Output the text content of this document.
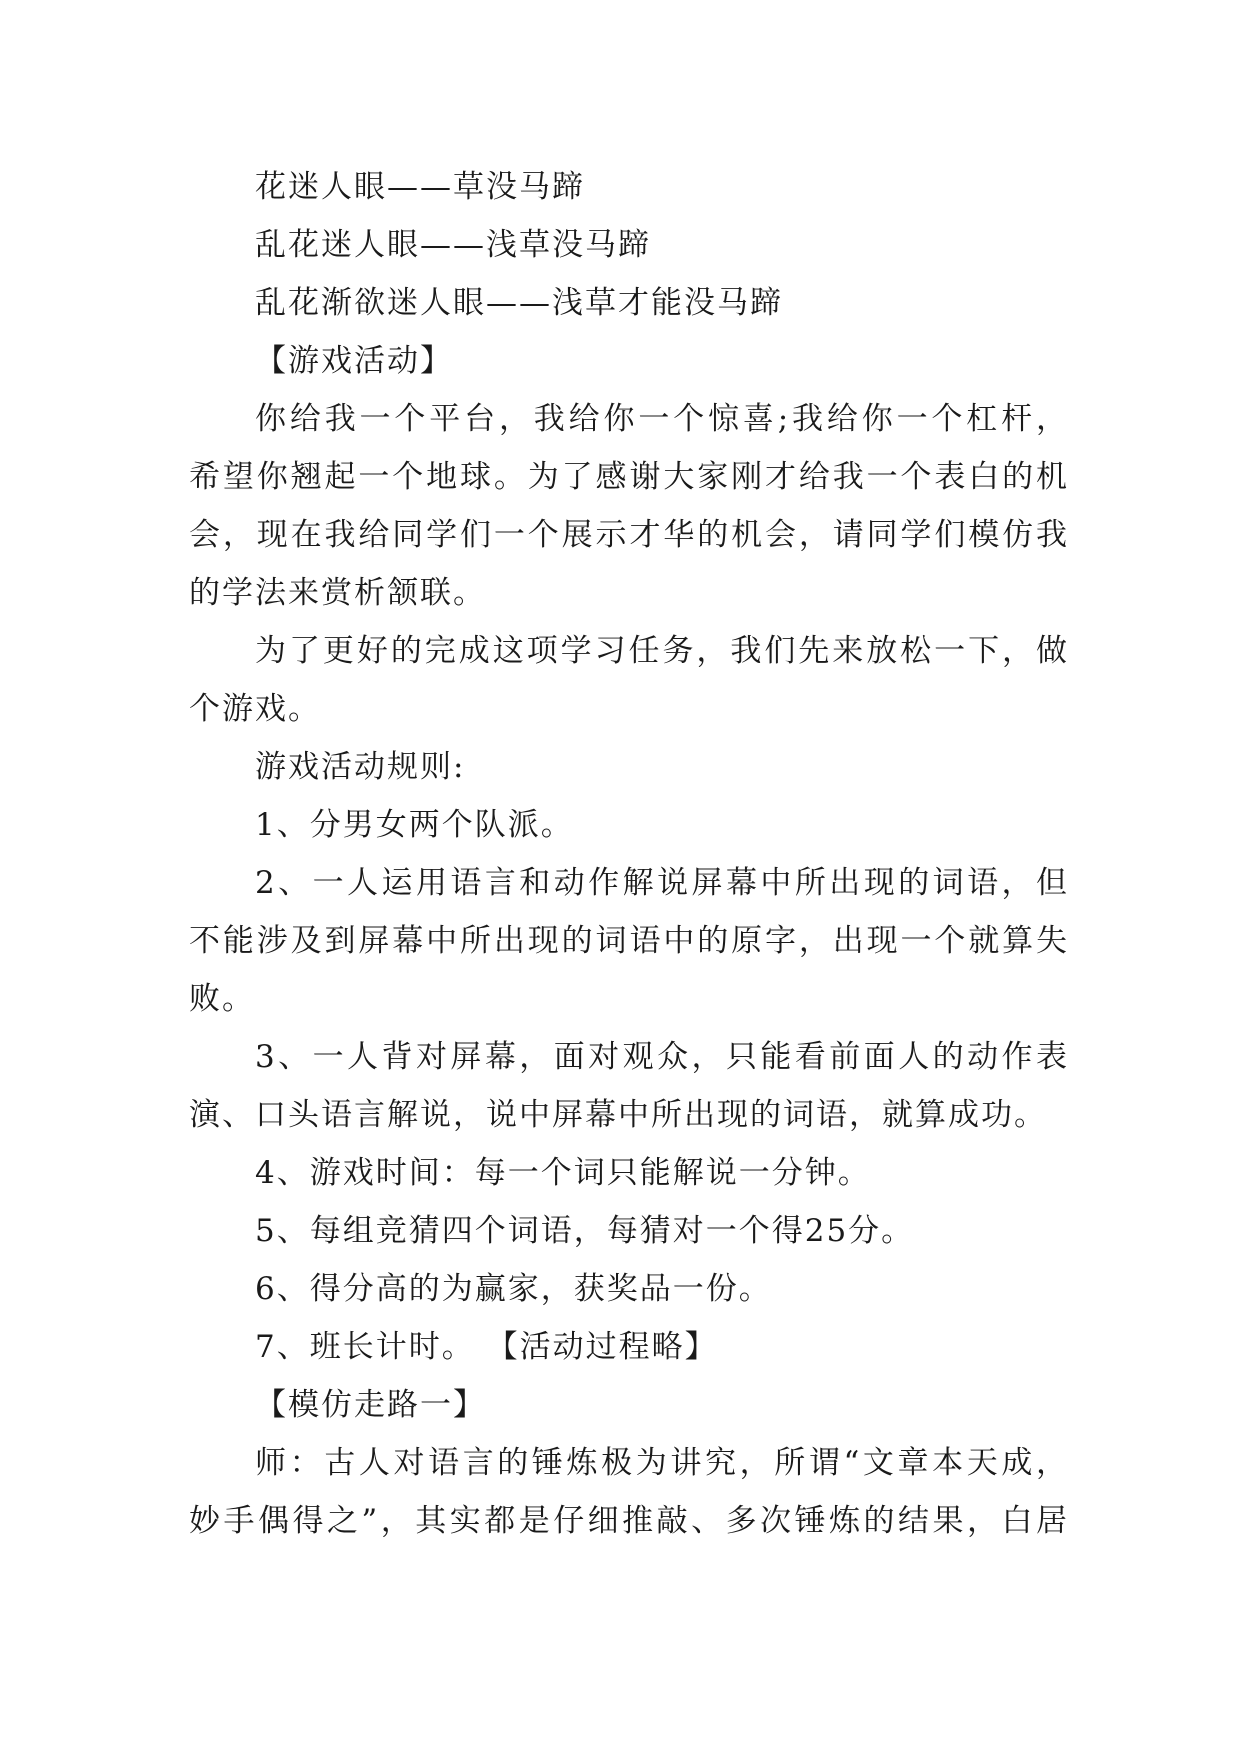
花迷人眼——草没马蹄
乱花迷人眼——浅草没马蹄
乱花渐欲迷人眼——浅草才能没马蹄
【游戏活动】
你给我一个平台，我给你一个惊喜;我给你一个杠杆，
希望你翘起一个地球。为了感谢大家刚才给我一个表白的机
会，现在我给同学们一个展示才华的机会，请同学们模仿我
的学法来赏析颔联。
为了更好的完成这项学习任务，我们先来放松一下，做
个游戏。
游戏活动规则:
1、分男女两个队派。
2、一人运用语言和动作解说屏幕中所出现的词语，但
不能涉及到屏幕中所出现的词语中的原字，出现一个就算失
败。
3、一人背对屏幕，面对观众，只能看前面人的动作表
演、口头语言解说，说中屏幕中所出现的词语，就算成功。
4、游戏时间：每一个词只能解说一分钟。
5、每组竞猜四个词语，每猜对一个得25分。
6、得分高的为赢家，获奖品一份。
7、班长计时。 【活动过程略】
【模仿走路一】
师：古人对语言的锤炼极为讲究，所谓“文章本天成，
妙手偶得之”，其实都是仔细推敲、多次锤炼的结果，白居
